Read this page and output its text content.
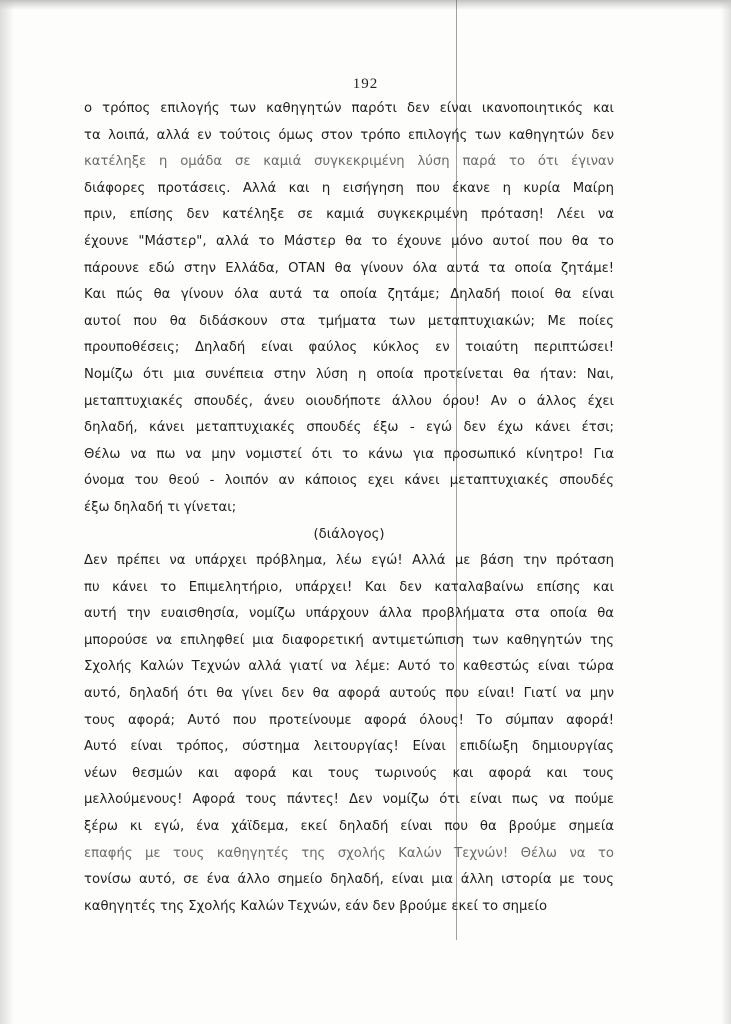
192
ο τρόπος επιλογής των καθηγητών παρότι δεν είναι ικανοποιητικός και
τα λοιπά, αλλά εν τούτοις όμως στον τρόπο επιλογής των καθηγητών δεν
κατέληξε η ομάδα σε καμιά συγκεκριμένη λύση παρά το ότι έγιναν
διάφορες προτάσεις. Αλλά και η εισήγηση που έκανε η κυρία Μαίρη
πριν, επίσης δεν κατέληξε σε καμιά συγκεκριμένη πρόταση! Λέει να
έχουνε "Μάστερ", αλλά το Μάστερ θα το έχουνε μόνο αυτοί που θα το
πάρουνε εδώ στην Ελλάδα, ΟΤΑΝ θα γίνουν όλα αυτά τα οποία ζητάμε!
Και πώς θα γίνουν όλα αυτά τα οποία ζητάμε; Δηλαδή ποιοί θα είναι
αυτοί που θα διδάσκουν στα τμήματα των μεταπτυχιακών; Με ποίες
προυποθέσεις; Δηλαδή είναι φαύλος κύκλος εν τοιαύτη περιπτώσει!
Νομίζω ότι μια συνέπεια στην λύση η οποία προτείνεται θα ήταν: Ναι,
μεταπτυχιακές σπουδές, άνευ οιουδήποτε άλλου όρου! Αν ο άλλος έχει
δηλαδή, κάνει μεταπτυχιακές σπουδές έξω - εγώ δεν έχω κάνει έτσι;
Θέλω να πω να μην νομιστεί ότι το κάνω για προσωπικό κίνητρο! Για
όνομα του θεού - λοιπόν αν κάποιος εχει κάνει μεταπτυχιακές σπουδές
έξω δηλαδή τι γίνεται;
(διάλογος)
Δεν πρέπει να υπάρχει πρόβλημα, λέω εγώ! Αλλά με βάση την πρόταση
πυ κάνει το Επιμελητήριο, υπάρχει! Και δεν καταλαβαίνω επίσης και
αυτή την ευαισθησία, νομίζω υπάρχουν άλλα προβλήματα στα οποία θα
μπορούσε να επιληφθεί μια διαφορετική αντιμετώπιση των καθηγητών της
Σχολής Καλών Τεχνών αλλά γιατί να λέμε: Αυτό το καθεστώς είναι τώρα
αυτό, δηλαδή ότι θα γίνει δεν θα αφορά αυτούς που είναι! Γιατί να μην
τους αφορά; Αυτό που προτείνουμε αφορά όλους! Το σύμπαν αφορά!
Αυτό είναι τρόπος, σύστημα λειτουργίας! Είναι επιδίωξη δημιουργίας
νέων θεσμών και αφορά και τους τωρινούς και αφορά και τους
μελλούμενους! Αφορά τους πάντες! Δεν νομίζω ότι είναι πως να πούμε
ξέρω κι εγώ, ένα χάϊδεμα, εκεί δηλαδή είναι που θα βρούμε σημεία
επαφής με τους καθηγητές της σχολής Καλών Τεχνών! Θέλω να το
τονίσω αυτό, σε ένα άλλο σημείο δηλαδή, είναι μια άλλη ιστορία με τους
καθηγητές της Σχολής Καλών Τεχνών, εάν δεν βρούμε εκεί το σημείο
